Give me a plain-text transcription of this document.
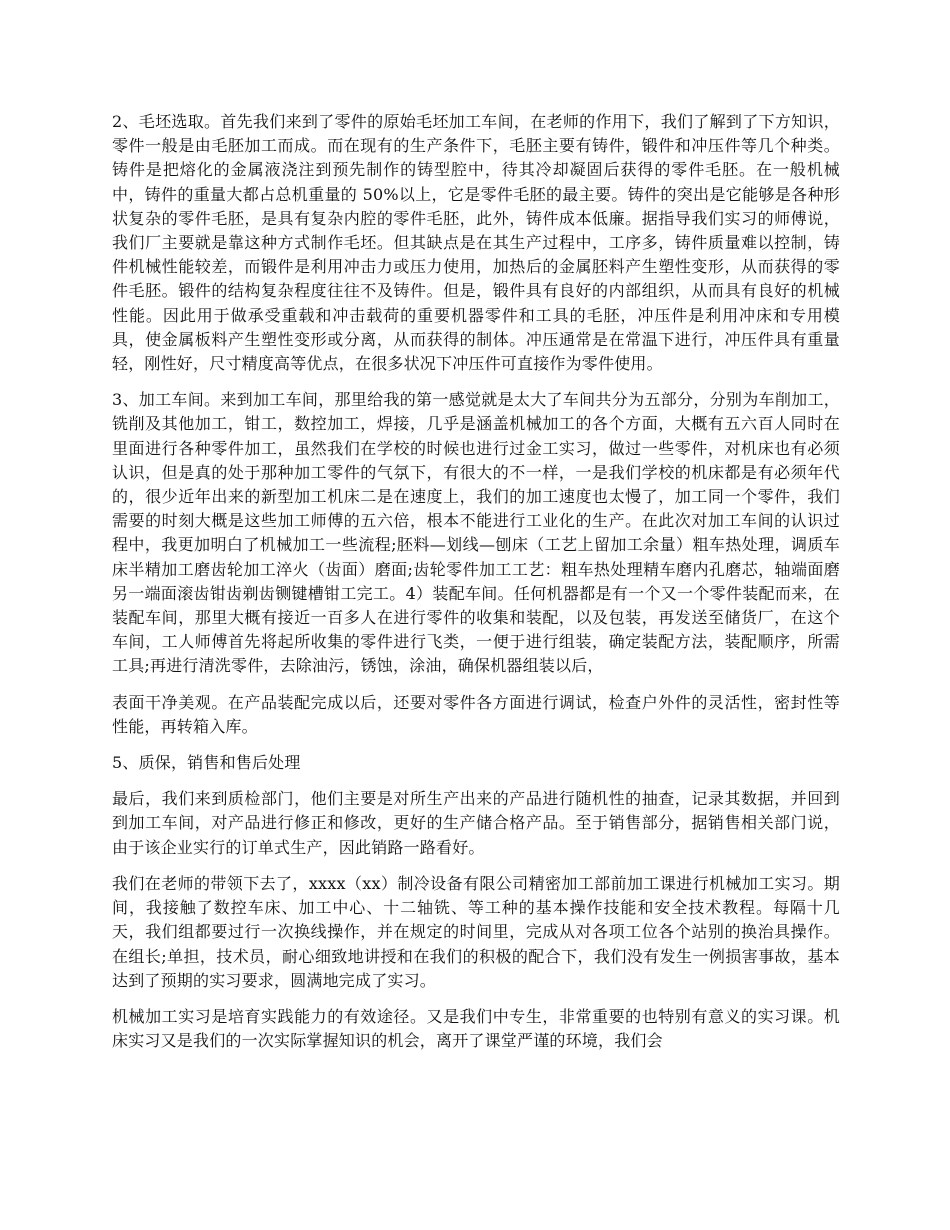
2、毛坯选取。首先我们来到了零件的原始毛坯加工车间，在老师的作用下，我们了解到了下方知识，零件一般是由毛胚加工而成。而在现有的生产条件下，毛胚主要有铸件，锻件和冲压件等几个种类。铸件是把熔化的金属液浇注到预先制作的铸型腔中，待其冷却凝固后获得的零件毛胚。在一般机械中，铸件的重量大都占总机重量的 50%以上，它是零件毛胚的最主要。铸件的突出是它能够是各种形状复杂的零件毛胚，是具有复杂内腔的零件毛胚，此外，铸件成本低廉。据指导我们实习的师傅说，我们厂主要就是靠这种方式制作毛坯。但其缺点是在其生产过程中，工序多，铸件质量难以控制，铸件机械性能较差，而锻件是利用冲击力或压力使用，加热后的金属胚料产生塑性变形，从而获得的零件毛胚。锻件的结构复杂程度往往不及铸件。但是，锻件具有良好的内部组织，从而具有良好的机械性能。因此用于做承受重载和冲击载荷的重要机器零件和工具的毛胚，冲压件是利用冲床和专用模具，使金属板料产生塑性变形或分离，从而获得的制体。冲压通常是在常温下进行，冲压件具有重量轻，刚性好，尺寸精度高等优点，在很多状况下冲压件可直接作为零件使用。

3、加工车间。来到加工车间，那里给我的第一感觉就是太大了车间共分为五部分，分别为车削加工，铣削及其他加工，钳工，数控加工，焊接，几乎是涵盖机械加工的各个方面，大概有五六百人同时在里面进行各种零件加工，虽然我们在学校的时候也进行过金工实习，做过一些零件，对机床也有必须认识，但是真的处于那种加工零件的气氛下，有很大的不一样，一是我们学校的机床都是有必须年代的，很少近年出来的新型加工机床二是在速度上，我们的加工速度也太慢了，加工同一个零件，我们需要的时刻大概是这些加工师傅的五六倍，根本不能进行工业化的生产。在此次对加工车间的认识过程中，我更加明白了机械加工一些流程;胚料—划线—刨床（工艺上留加工余量）粗车热处理，调质车床半精加工磨齿轮加工淬火（齿面）磨面;齿轮零件加工工艺：粗车热处理精车磨内孔磨芯，轴端面磨另一端面滚齿钳齿剃齿铡键槽钳工完工。4）装配车间。任何机器都是有一个又一个零件装配而来，在装配车间，那里大概有接近一百多人在进行零件的收集和装配，以及包装，再发送至储货厂，在这个车间，工人师傅首先将起所收集的零件进行飞类，一便于进行组装，确定装配方法，装配顺序，所需工具;再进行清洗零件，去除油污，锈蚀，涂油，确保机器组装以后，

表面干净美观。在产品装配完成以后，还要对零件各方面进行调试，检查户外件的灵活性，密封性等性能，再转箱入库。

5、质保，销售和售后处理

最后，我们来到质检部门，他们主要是对所生产出来的产品进行随机性的抽查，记录其数据，并回到到加工车间，对产品进行修正和修改，更好的生产储合格产品。至于销售部分，据销售相关部门说，由于该企业实行的订单式生产，因此销路一路看好。

我们在老师的带领下去了，xxxx（xx）制冷设备有限公司精密加工部前加工课进行机械加工实习。期间，我接触了数控车床、加工中心、十二轴铣、等工种的基本操作技能和安全技术教程。每隔十几天，我们组都要过行一次换线操作，并在规定的时间里，完成从对各项工位各个站别的换治具操作。在组长;单担，技术员，耐心细致地讲授和在我们的积极的配合下，我们没有发生一例损害事故，基本达到了预期的实习要求，圆满地完成了实习。

机械加工实习是培育实践能力的有效途径。又是我们中专生，非常重要的也特别有意义的实习课。机床实习又是我们的一次实际掌握知识的机会，离开了课堂严谨的环境，我们会
